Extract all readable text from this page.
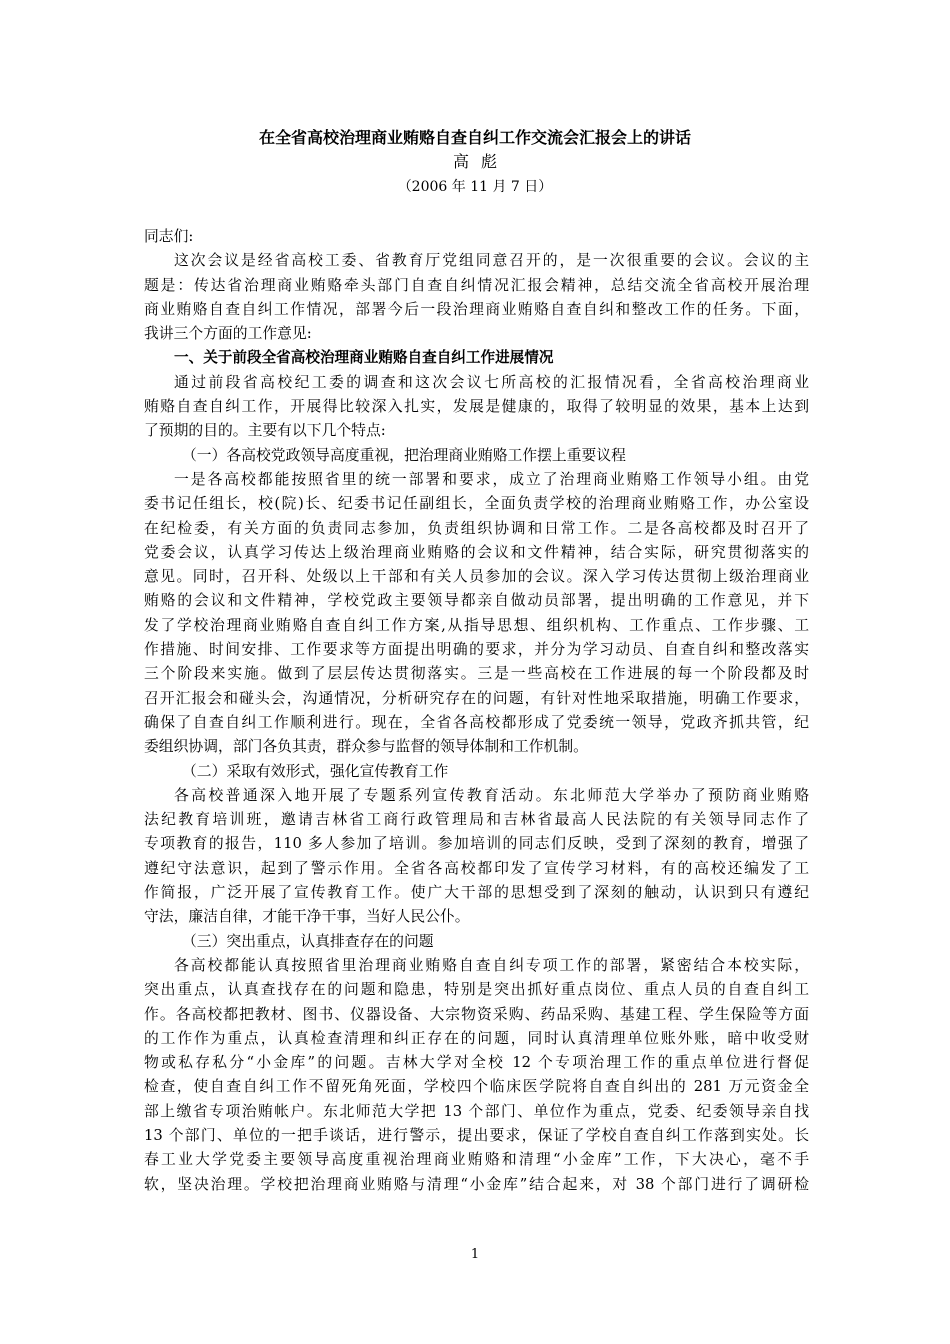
在全省高校治理商业贿赂自查自纠工作交流会汇报会上的讲话
高彪
（2006 年 11 月 7 日）
同志们:
这次会议是经省高校工委、省教育厅党组同意召开的，是一次很重要的会议。会议的主
题是：传达省治理商业贿赂牵头部门自查自纠情况汇报会精神，总结交流全省高校开展治理
商业贿赂自查自纠工作情况，部署今后一段治理商业贿赂自查自纠和整改工作的任务。下面，
我讲三个方面的工作意见:
一、关于前段全省高校治理商业贿赂自查自纠工作进展情况
通过前段省高校纪工委的调查和这次会议七所高校的汇报情况看，全省高校治理商业
贿赂自查自纠工作，开展得比较深入扎实，发展是健康的，取得了较明显的效果，基本上达到
了预期的目的。主要有以下几个特点:
（一）各高校党政领导高度重视，把治理商业贿赂工作摆上重要议程
一是各高校都能按照省里的统一部署和要求，成立了治理商业贿赂工作领导小组。由党
委书记任组长，校(院)长、纪委书记任副组长，全面负责学校的治理商业贿赂工作，办公室设
在纪检委，有关方面的负责同志参加，负责组织协调和日常工作。二是各高校都及时召开了
党委会议，认真学习传达上级治理商业贿赂的会议和文件精神，结合实际，研究贯彻落实的
意见。同时，召开科、处级以上干部和有关人员参加的会议。深入学习传达贯彻上级治理商业
贿赂的会议和文件精神，学校党政主要领导都亲自做动员部署，提出明确的工作意见，并下
发了学校治理商业贿赂自查自纠工作方案,从指导思想、组织机构、工作重点、工作步骤、工
作措施、时间安排、工作要求等方面提出明确的要求，并分为学习动员、自查自纠和整改落实
三个阶段来实施。做到了层层传达贯彻落实。三是一些高校在工作进展的每一个阶段都及时
召开汇报会和碰头会，沟通情况，分析研究存在的问题，有针对性地采取措施，明确工作要求，
确保了自查自纠工作顺利进行。现在，全省各高校都形成了党委统一领导，党政齐抓共管，纪
委组织协调，部门各负其责，群众参与监督的领导体制和工作机制。
（二）采取有效形式，强化宣传教育工作
各高校普通深入地开展了专题系列宣传教育活动。东北师范大学举办了预防商业贿赂
法纪教育培训班，邀请吉林省工商行政管理局和吉林省最高人民法院的有关领导同志作了
专项教育的报告，110 多人参加了培训。参加培训的同志们反映，受到了深刻的教育，增强了
遵纪守法意识，起到了警示作用。全省各高校都印发了宣传学习材料，有的高校还编发了工
作简报，广泛开展了宣传教育工作。使广大干部的思想受到了深刻的触动，认识到只有遵纪
守法，廉洁自律，才能干净干事，当好人民公仆。
（三）突出重点，认真排查存在的问题
各高校都能认真按照省里治理商业贿赂自查自纠专项工作的部署，紧密结合本校实际，
突出重点，认真查找存在的问题和隐患，特别是突出抓好重点岗位、重点人员的自查自纠工
作。各高校都把教材、图书、仪器设备、大宗物资采购、药品采购、基建工程、学生保险等方面
的工作作为重点，认真检查清理和纠正存在的问题，同时认真清理单位账外账，暗中收受财
物或私存私分“小金库”的问题。吉林大学对全校 12 个专项治理工作的重点单位进行督促
检查，使自查自纠工作不留死角死面，学校四个临床医学院将自查自纠出的 281 万元资金全
部上缴省专项治贿帐户。东北师范大学把 13 个部门、单位作为重点，党委、纪委领导亲自找
13 个部门、单位的一把手谈话，进行警示，提出要求，保证了学校自查自纠工作落到实处。长
春工业大学党委主要领导高度重视治理商业贿赂和清理“小金库”工作，下大决心，毫不手
软，坚决治理。学校把治理商业贿赂与清理“小金库”结合起来，对 38 个部门进行了调研检
1
